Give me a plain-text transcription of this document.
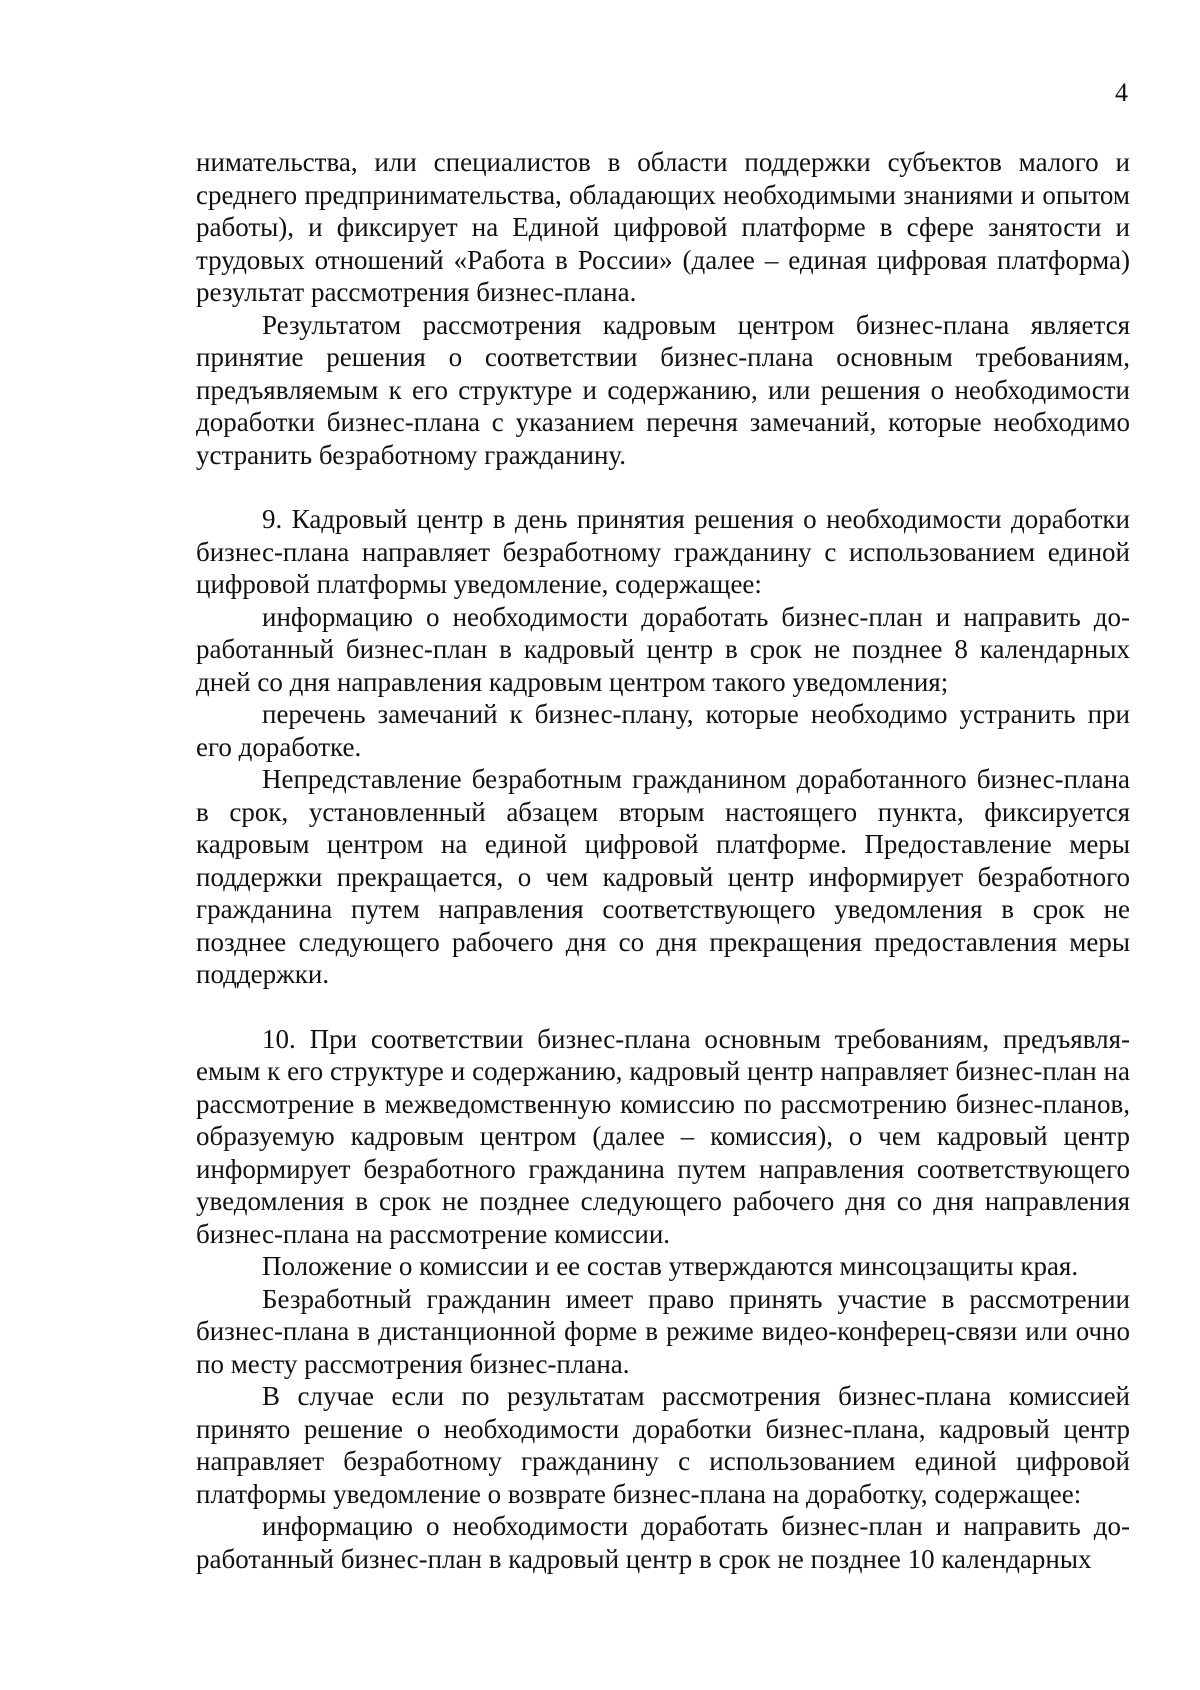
4

нимательства, или специалистов в области поддержки субъектов малого и среднего предпринимательства, обладающих необходимыми знаниями и опытом работы), и фиксирует на Единой цифровой платформе в сфере занятости и трудовых отношений «Работа в России» (далее – единая цифровая платформа) результат рассмотрения бизнес-плана.

Результатом рассмотрения кадровым центром бизнес-плана является принятие решения о соответствии бизнес-плана основным требованиям, предъявляемым к его структуре и содержанию, или решения о необходимости доработки бизнес-плана с указанием перечня замечаний, которые необходимо устранить безработному гражданину.

9. Кадровый центр в день принятия решения о необходимости доработки бизнес-плана направляет безработному гражданину с использованием единой цифровой платформы уведомление, содержащее:

информацию о необходимости доработать бизнес-план и направить доработанный бизнес-план в кадровый центр в срок не позднее 8 календарных дней со дня направления кадровым центром такого уведомления;

перечень замечаний к бизнес-плану, которые необходимо устранить при его доработке.

Непредставление безработным гражданином доработанного бизнес-плана в срок, установленный абзацем вторым настоящего пункта, фиксируется кадровым центром на единой цифровой платформе. Предоставление меры поддержки прекращается, о чем кадровый центр информирует безработного гражданина путем направления соответствующего уведомления в срок не позднее следующего рабочего дня со дня прекращения предоставления меры поддержки.

10. При соответствии бизнес-плана основным требованиям, предъявляемым к его структуре и содержанию, кадровый центр направляет бизнес-план на рассмотрение в межведомственную комиссию по рассмотрению бизнес-планов, образуемую кадровым центром (далее – комиссия), о чем кадровый центр информирует безработного гражданина путем направления соответствующего уведомления в срок не позднее следующего рабочего дня со дня направления бизнес-плана на рассмотрение комиссии.

Положение о комиссии и ее состав утверждаются минсоцзащиты края.

Безработный гражданин имеет право принять участие в рассмотрении бизнес-плана в дистанционной форме в режиме видео-конферец-связи или очно по месту рассмотрения бизнес-плана.

В случае если по результатам рассмотрения бизнес-плана комиссией принято решение о необходимости доработки бизнес-плана, кадровый центр направляет безработному гражданину с использованием единой цифровой платформы уведомление о возврате бизнес-плана на доработку, содержащее:

информацию о необходимости доработать бизнес-план и направить доработанный бизнес-план в кадровый центр в срок не позднее 10 календарных
